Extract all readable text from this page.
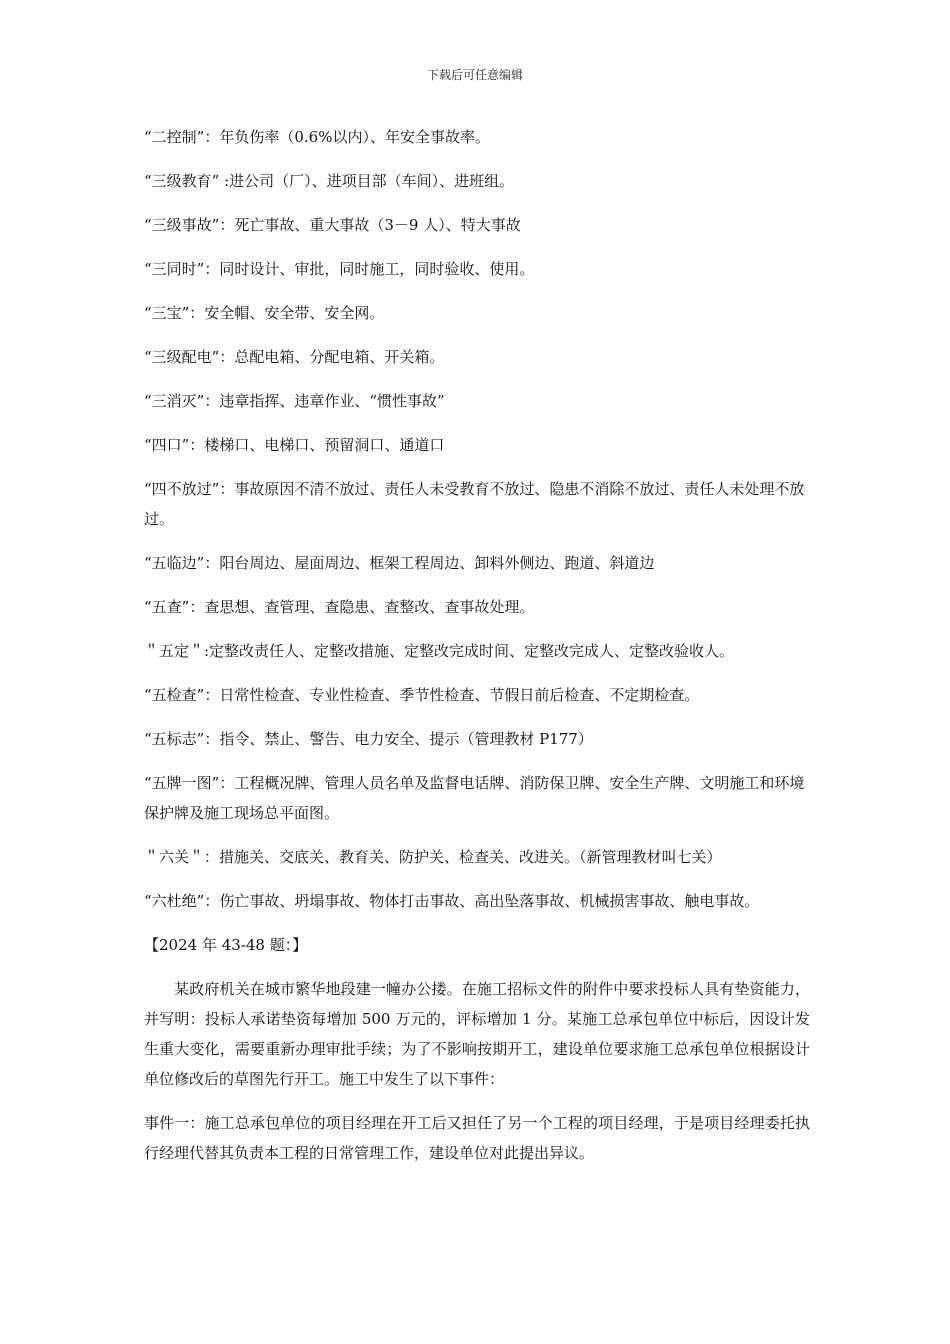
下载后可任意编辑
“二控制”：年负伤率（0.6%以内）、年安全事故率。
“三级教育” :进公司（厂）、进项目部（车间）、进班组。
“三级事故”：死亡事故、重大事故（3－9 人）、特大事故
“三同时”：同时设计、审批，同时施工，同时验收、使用。
“三宝”：安全帽、安全带、安全网。
“三级配电”：总配电箱、分配电箱、开关箱。
“三消灭”：违章指挥、违章作业、“惯性事故”
“四口”：楼梯口、电梯口、预留洞口、通道口
“四不放过”：事故原因不清不放过、责任人未受教育不放过、隐患不消除不放过、责任人未处理不放过。
“五临边”：阳台周边、屋面周边、框架工程周边、卸料外侧边、跑道、斜道边
“五查”：查思想、查管理、查隐患、查整改、查事故处理。
＂五定＂:定整改责任人、定整改措施、定整改完成时间、定整改完成人、定整改验收人。
“五检查”：日常性检查、专业性检查、季节性检查、节假日前后检查、不定期检查。
“五标志”：指令、禁止、警告、电力安全、提示（管理教材 P177）
“五牌一图”：工程概况牌、管理人员名单及监督电话牌、消防保卫牌、安全生产牌、文明施工和环境保护牌及施工现场总平面图。
＂六关＂：措施关、交底关、教育关、防护关、检查关、改进关。（新管理教材叫七关）
“六杜绝”：伤亡事故、坍塌事故、物体打击事故、高出坠落事故、机械损害事故、触电事故。
【2024 年 43-48 题：】
某政府机关在城市繁华地段建一幢办公搂。在施工招标文件的附件中要求投标人具有垫资能力，并写明：投标人承诺垫资每增加 500 万元的，评标增加 1 分。某施工总承包单位中标后，因设计发生重大变化，需要重新办理审批手续；为了不影响按期开工，建设单位要求施工总承包单位根据设计单位修改后的草图先行开工。施工中发生了以下事件：
事件一：施工总承包单位的项目经理在开工后又担任了另一个工程的项目经理，于是项目经理委托执行经理代替其负责本工程的日常管理工作，建设单位对此提出异议。
